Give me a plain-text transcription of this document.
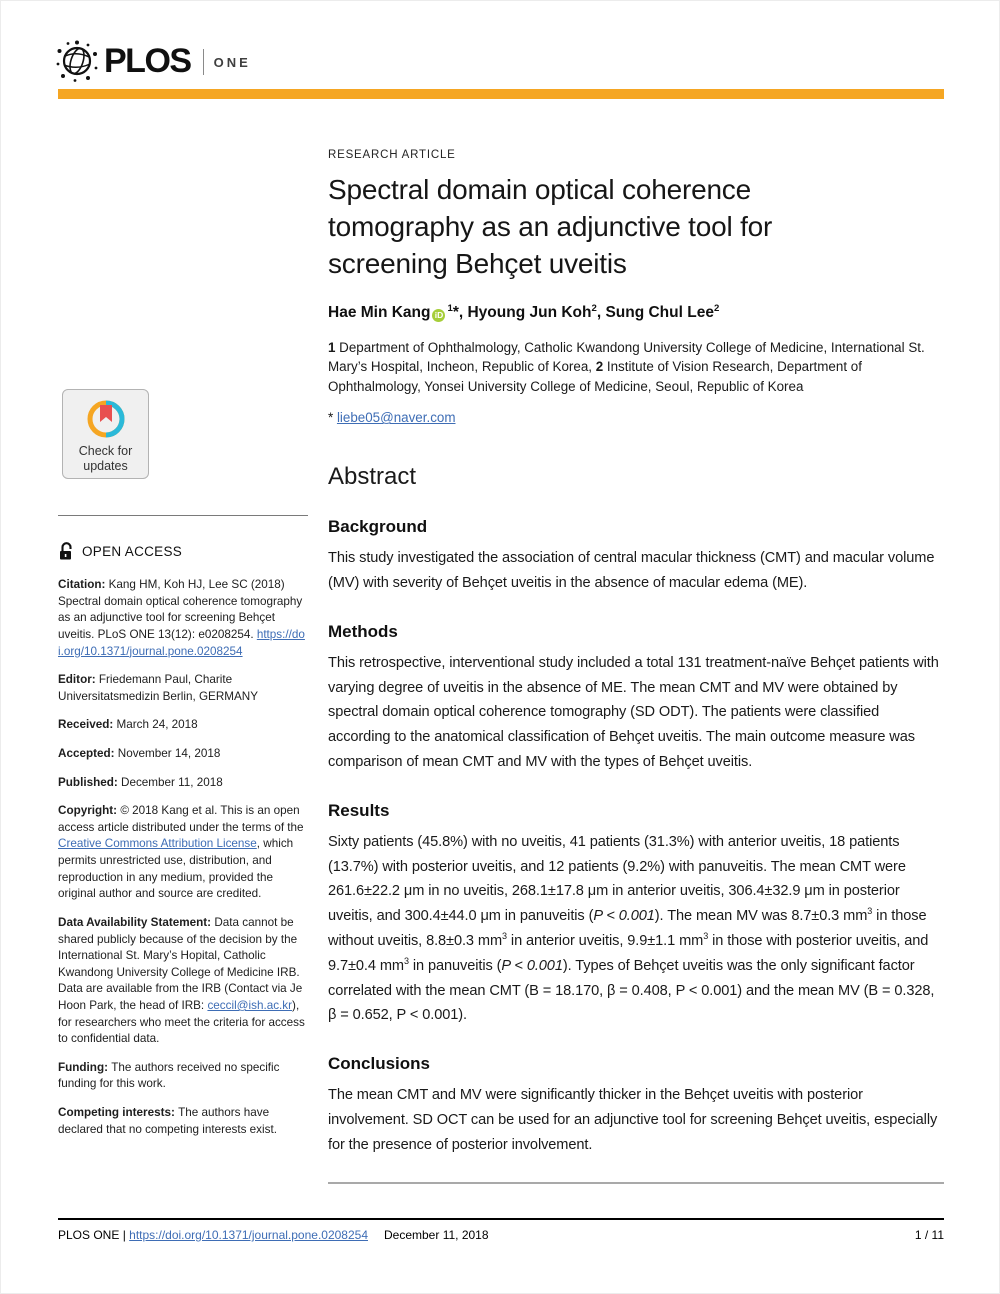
PLOS ONE
Check for updates
OPEN ACCESS

Citation: Kang HM, Koh HJ, Lee SC (2018) Spectral domain optical coherence tomography as an adjunctive tool for screening Behçet uveitis. PLoS ONE 13(12): e0208254. https://doi.org/10.1371/journal.pone.0208254

Editor: Friedemann Paul, Charite Universitatsmedizin Berlin, GERMANY

Received: March 24, 2018

Accepted: November 14, 2018

Published: December 11, 2018

Copyright: © 2018 Kang et al. This is an open access article distributed under the terms of the Creative Commons Attribution License, which permits unrestricted use, distribution, and reproduction in any medium, provided the original author and source are credited.

Data Availability Statement: Data cannot be shared publicly because of the decision by the International St. Mary’s Hopital, Catholic Kwandong University College of Medicine IRB. Data are available from the IRB (Contact via Je Hoon Park, the head of IRB: ceccil@ish.ac.kr), for researchers who meet the criteria for access to confidential data.

Funding: The authors received no specific funding for this work.

Competing interests: The authors have declared that no competing interests exist.

RESEARCH ARTICLE
Spectral domain optical coherence tomography as an adjunctive tool for screening Behçet uveitis

Hae Min Kang $iD^1*$, Hyoung Jun Koh$^2$, Sung Chul Lee$^2$

1 Department of Ophthalmology, Catholic Kwandong University College of Medicine, International St. Mary’s Hospital, Incheon, Republic of Korea, 2 Institute of Vision Research, Department of Ophthalmology, Yonsei University College of Medicine, Seoul, Republic of Korea

* liebe05@naver.com

Abstract
Background

This study investigated the association of central macular thickness (CMT) and macular volume (MV) with severity of Behçet uveitis in the absence of macular edema (ME).

Methods

This retrospective, interventional study included a total 131 treatment-naïve Behçet patients with varying degree of uveitis in the absence of ME. The mean CMT and MV were obtained by spectral domain optical coherence tomography (SD ODT). The patients were classified according to the anatomical classification of Behçet uveitis. The main outcome measure was comparison of mean CMT and MV with the types of Behçet uveitis.

Results

Sixty patients (45.8%) with no uveitis, 41 patients (31.3%) with anterior uveitis, 18 patients (13.7%) with posterior uveitis, and 12 patients (9.2%) with panuveitis. The mean CMT were 261.6±22.2 μm in no uveitis, 268.1±17.8 μm in anterior uveitis, 306.4±32.9 μm in posterior uveitis, and 300.4±44.0 μm in panuveitis (P < 0.001). The mean MV was 8.7±0.3 $mm^3$ in those without uveitis, 8.8±0.3 $mm^3$ in anterior uveitis, 9.9±1.1 $mm^3$ in those with posterior uveitis, and 9.7±0.4 $mm^3$ in panuveitis (P < 0.001). Types of Behçet uveitis was the only significant factor correlated with the mean CMT (B = 18.170, β = 0.408, P < 0.001) and the mean MV (B = 0.328, β = 0.652, P < 0.001).

Conclusions

The mean CMT and MV were significantly thicker in the Behçet uveitis with posterior involvement. SD OCT can be used for an adjunctive tool for screening Behçet uveitis, especially for the presence of posterior involvement.

PLOS ONE | https://doi.org/10.1371/journal.pone.0208254 December 11, 2018	1 / 11
